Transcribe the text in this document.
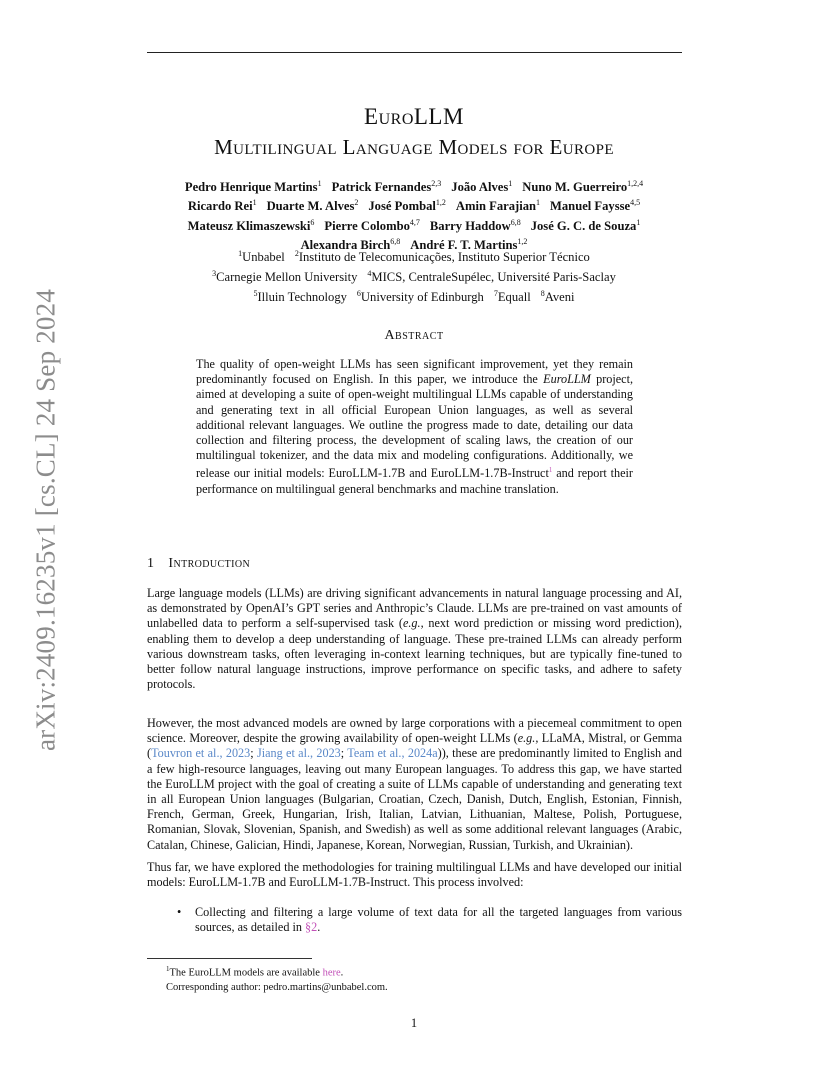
arXiv:2409.16235v1 [cs.CL] 24 Sep 2024
EuroLLM
Multilingual Language Models for Europe
Pedro Henrique Martins$^1$ Patrick Fernandes$^{2,3}$ João Alves$^1$ Nuno M. Guerreiro$^{1,2,4}$
Ricardo Rei$^1$ Duarte M. Alves$^2$ José Pombal$^{1,2}$ Amin Farajian$^1$ Manuel Faysse$^{4,5}$
Mateusz Klimaszewski$^6$ Pierre Colombo$^{4,7}$ Barry Haddow$^{6,8}$ José G. C. de Souza$^1$
Alexandra Birch$^{6,8}$ André F. T. Martins$^{1,2}$
$^1$Unbabel $^2$Instituto de Telecomunicações, Instituto Superior Técnico
$^3$Carnegie Mellon University $^4$MICS, CentraleSupélec, Université Paris-Saclay
$^5$Illuin Technology $^6$University of Edinburgh $^7$Equall $^8$Aveni
Abstract
The quality of open-weight LLMs has seen significant improvement, yet they remain predominantly focused on English. In this paper, we introduce the EuroLLM project, aimed at developing a suite of open-weight multilingual LLMs capable of understanding and generating text in all official European Union languages, as well as several additional relevant languages. We outline the progress made to date, detailing our data collection and filtering process, the development of scaling laws, the creation of our multilingual tokenizer, and the data mix and modeling configurations. Additionally, we release our initial models: EuroLLM-1.7B and EuroLLM-1.7B-Instruct$^1$ and report their performance on multilingual general benchmarks and machine translation.
1 Introduction
Large language models (LLMs) are driving significant advancements in natural language processing and AI, as demonstrated by OpenAI’s GPT series and Anthropic’s Claude. LLMs are pre-trained on vast amounts of unlabelled data to perform a self-supervised task (e.g., next word prediction or missing word prediction), enabling them to develop a deep understanding of language. These pre-trained LLMs can already perform various downstream tasks, often leveraging in-context learning techniques, but are typically fine-tuned to better follow natural language instructions, improve performance on specific tasks, and adhere to safety protocols.
However, the most advanced models are owned by large corporations with a piecemeal commitment to open science. Moreover, despite the growing availability of open-weight LLMs (e.g., LLaMA, Mistral, or Gemma (Touvron et al., 2023; Jiang et al., 2023; Team et al., 2024a)), these are predominantly limited to English and a few high-resource languages, leaving out many European languages. To address this gap, we have started the EuroLLM project with the goal of creating a suite of LLMs capable of understanding and generating text in all European Union languages (Bulgarian, Croatian, Czech, Danish, Dutch, English, Estonian, Finnish, French, German, Greek, Hungarian, Irish, Italian, Latvian, Lithuanian, Maltese, Polish, Portuguese, Romanian, Slovak, Slovenian, Spanish, and Swedish) as well as some additional relevant languages (Arabic, Catalan, Chinese, Galician, Hindi, Japanese, Korean, Norwegian, Russian, Turkish, and Ukrainian).
Thus far, we have explored the methodologies for training multilingual LLMs and have developed our initial models: EuroLLM-1.7B and EuroLLM-1.7B-Instruct. This process involved:
•	Collecting and filtering a large volume of text data for all the targeted languages from various sources, as detailed in §2.
$^1$The EuroLLM models are available here.
Corresponding author: pedro.martins@unbabel.com.
1
